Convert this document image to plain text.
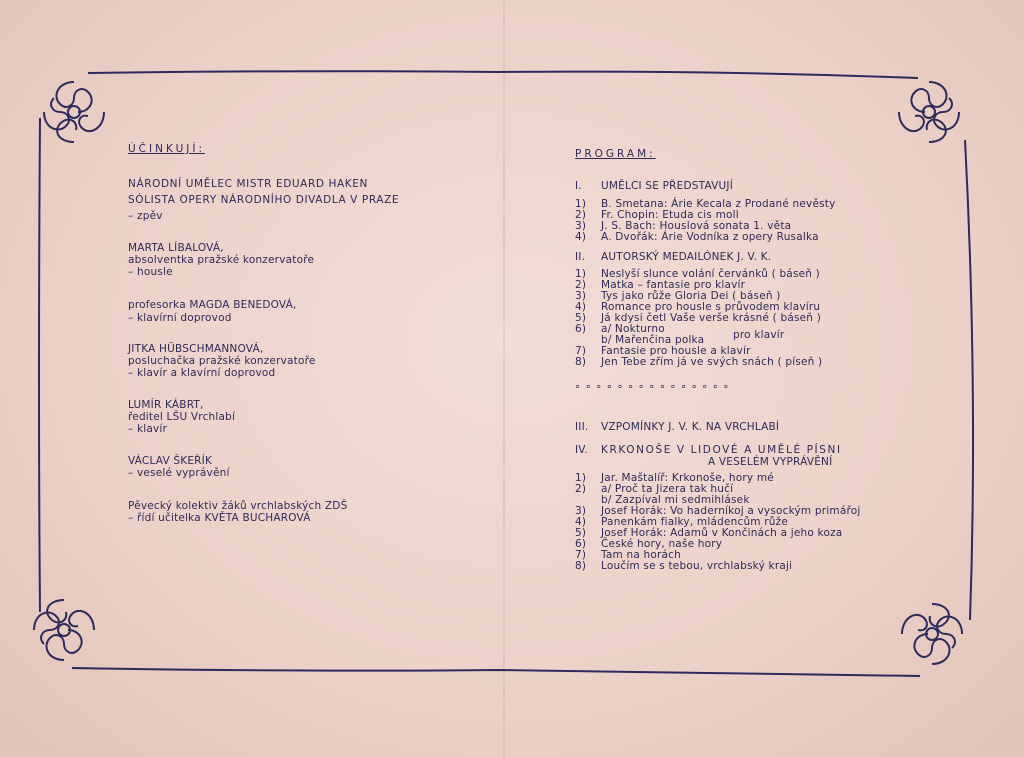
ÚČINKUJÍ:
NÁRODNÍ UMĚLEC MISTR EDUARD HAKEN
SÓLISTA OPERY NÁRODNÍHO DIVADLA V PRAZE
– zpěv
MARTA LÍBALOVÁ,
absolventka pražské konzervatoře
– housle
profesorka MAGDA BENEDOVÁ,
– klavírní doprovod
JITKA HÜBSCHMANNOVÁ,
posluchačka pražské konzervatoře
– klavír a klavírní doprovod
LUMÍR KÁBRT,
ředitel LŠU Vrchlabí
– klavír
VÁCLAV ŠKEŘÍK
– veselé vyprávění
Pěvecký kolektiv žáků vrchlabských ZDŠ
– řídí učitelka KVĚTA BUCHAROVÁ
PROGRAM:
I.	UMĚLCI SE PŘEDSTAVUJÍ
1)	B. Smetana: Árie Kecala z Prodané nevěsty
2)	Fr. Chopin: Etuda cis moll
3)	J. S. Bach: Houslová sonata 1. věta
4)	A. Dvořák: Árie Vodníka z opery Rusalka
II.	AUTORSKÝ MEDAILÓNEK J. V. K.
1)	Neslyší slunce volání červánků ( báseň )
2)	Matka – fantasie pro klavír
3)	Tys jako růže Gloria Dei ( báseň )
4)	Romance pro housle s průvodem klavíru
5)	Já kdysi četl Vaše verše krásné ( báseň )
6)	a/ Nokturno	pro klavír
b/ Mařenčina polka
7)	Fantasie pro housle a klavír
8)	Jen Tebe zřím já ve svých snách ( píseň )
° ° ° ° ° ° ° ° ° ° ° ° ° ° °
III.	VZPOMÍNKY J. V. K. NA VRCHLABÍ
IV.	KRKONOŠE V LIDOVÉ A UMĚLÉ PÍSNI
A VESELÉM VYPRÁVĚNÍ
1)	Jar. Maštalíř: Krkonoše, hory mé
2)	a/ Proč ta Jizera tak hučí
b/ Zazpíval mi sedmihlásek
3)	Josef Horák: Vo haderníkoj a vysockým primářoj
4)	Panenkám fialky, mládencům růže
5)	Josef Horák: Adamů v Končinách a jeho koza
6)	České hory, naše hory
7)	Tam na horách
8)	Loučím se s tebou, vrchlabský kraji
